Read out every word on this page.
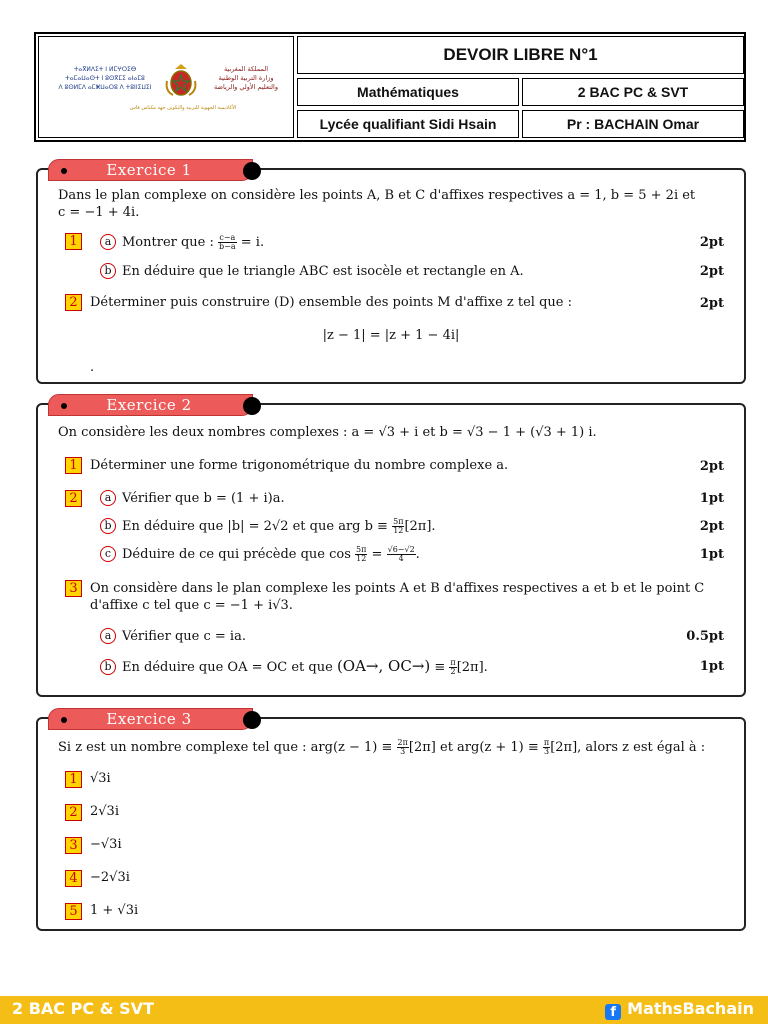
ⵜⴰⴳⵍⴷⵉⵜ ⵏ ⵍⵎⵖⵔⵉⴱ
ⵜⴰⵎⴰⵡⴰⵙⵜ ⵏ ⵓⵙⴳⵎⵉ ⴰⵏⴰⵎⵓ
ⴷ ⵓⵙⵍⵎⴷ ⴰⵎⵥⵡⴰⵔⵓ ⴷ ⵜⵓⵏⵏⵉⵡⵉⵏ
المملكة المغربية
وزارة التربية الوطنية
والتعليم الأولي والرياضة
الأكاديمية الجهوية للتربية والتكوين جهة مكناس فاس
DEVOIR LIBRE N°1
Mathématiques	2 BAC PC & SVT
Lycée qualifiant Sidi Hsain	Pr : BACHAIN Omar
Exercice 1
Dans le plan complexe on considère les points A, B et C d'affixes respectives a = 1, b = 5 + 2i et
c = −1 + 4i.
1	a Montrer que : $\frac{c-a}{b-a} = i$.	2pt
b En déduire que le triangle ABC est isocèle et rectangle en A.	2pt
2 Déterminer puis construire (D) ensemble des points M d'affixe z tel que :	2pt
|z − 1| = |z + 1 − 4i|
.
Exercice 2
On considère les deux nombres complexes : a = √3 + i et b = √3 − 1 + (√3 + 1) i.
1 Déterminer une forme trigonométrique du nombre complexe a.	2pt
2	a Vérifier que b = (1 + i)a.	1pt
b En déduire que |b| = 2√2 et que arg $b \equiv \frac{5\pi}{12} [2\pi]$.	2pt
c Déduire de ce qui précède que $\cos \frac{5\pi}{12} = \frac{√6-√2}{4}$ .	1pt
3 On considère dans le plan complexe les points A et B d'affixes respectives a et b et le point C
d'affixe c tel que c = −1 + i√3.
a Vérifier que c = ia.	0.5pt
b En déduire que OA = OC et que (OA→, $OC\to) \equiv \frac{\pi}{2} [2\pi]$.	1pt
Exercice 3
Si z est un nombre complexe tel que : $arg(z - 1) \equiv \frac{2\pi}{3} [2\pi]$ et $arg(z + 1) \equiv \frac{\pi}{3} [2\pi]$, alors z est égal à :
1 √3i
2 2√3i
3 −√3i
4 −2√3i
5 1 + √3i
2 BAC PC & SVT	f MathsBachain
